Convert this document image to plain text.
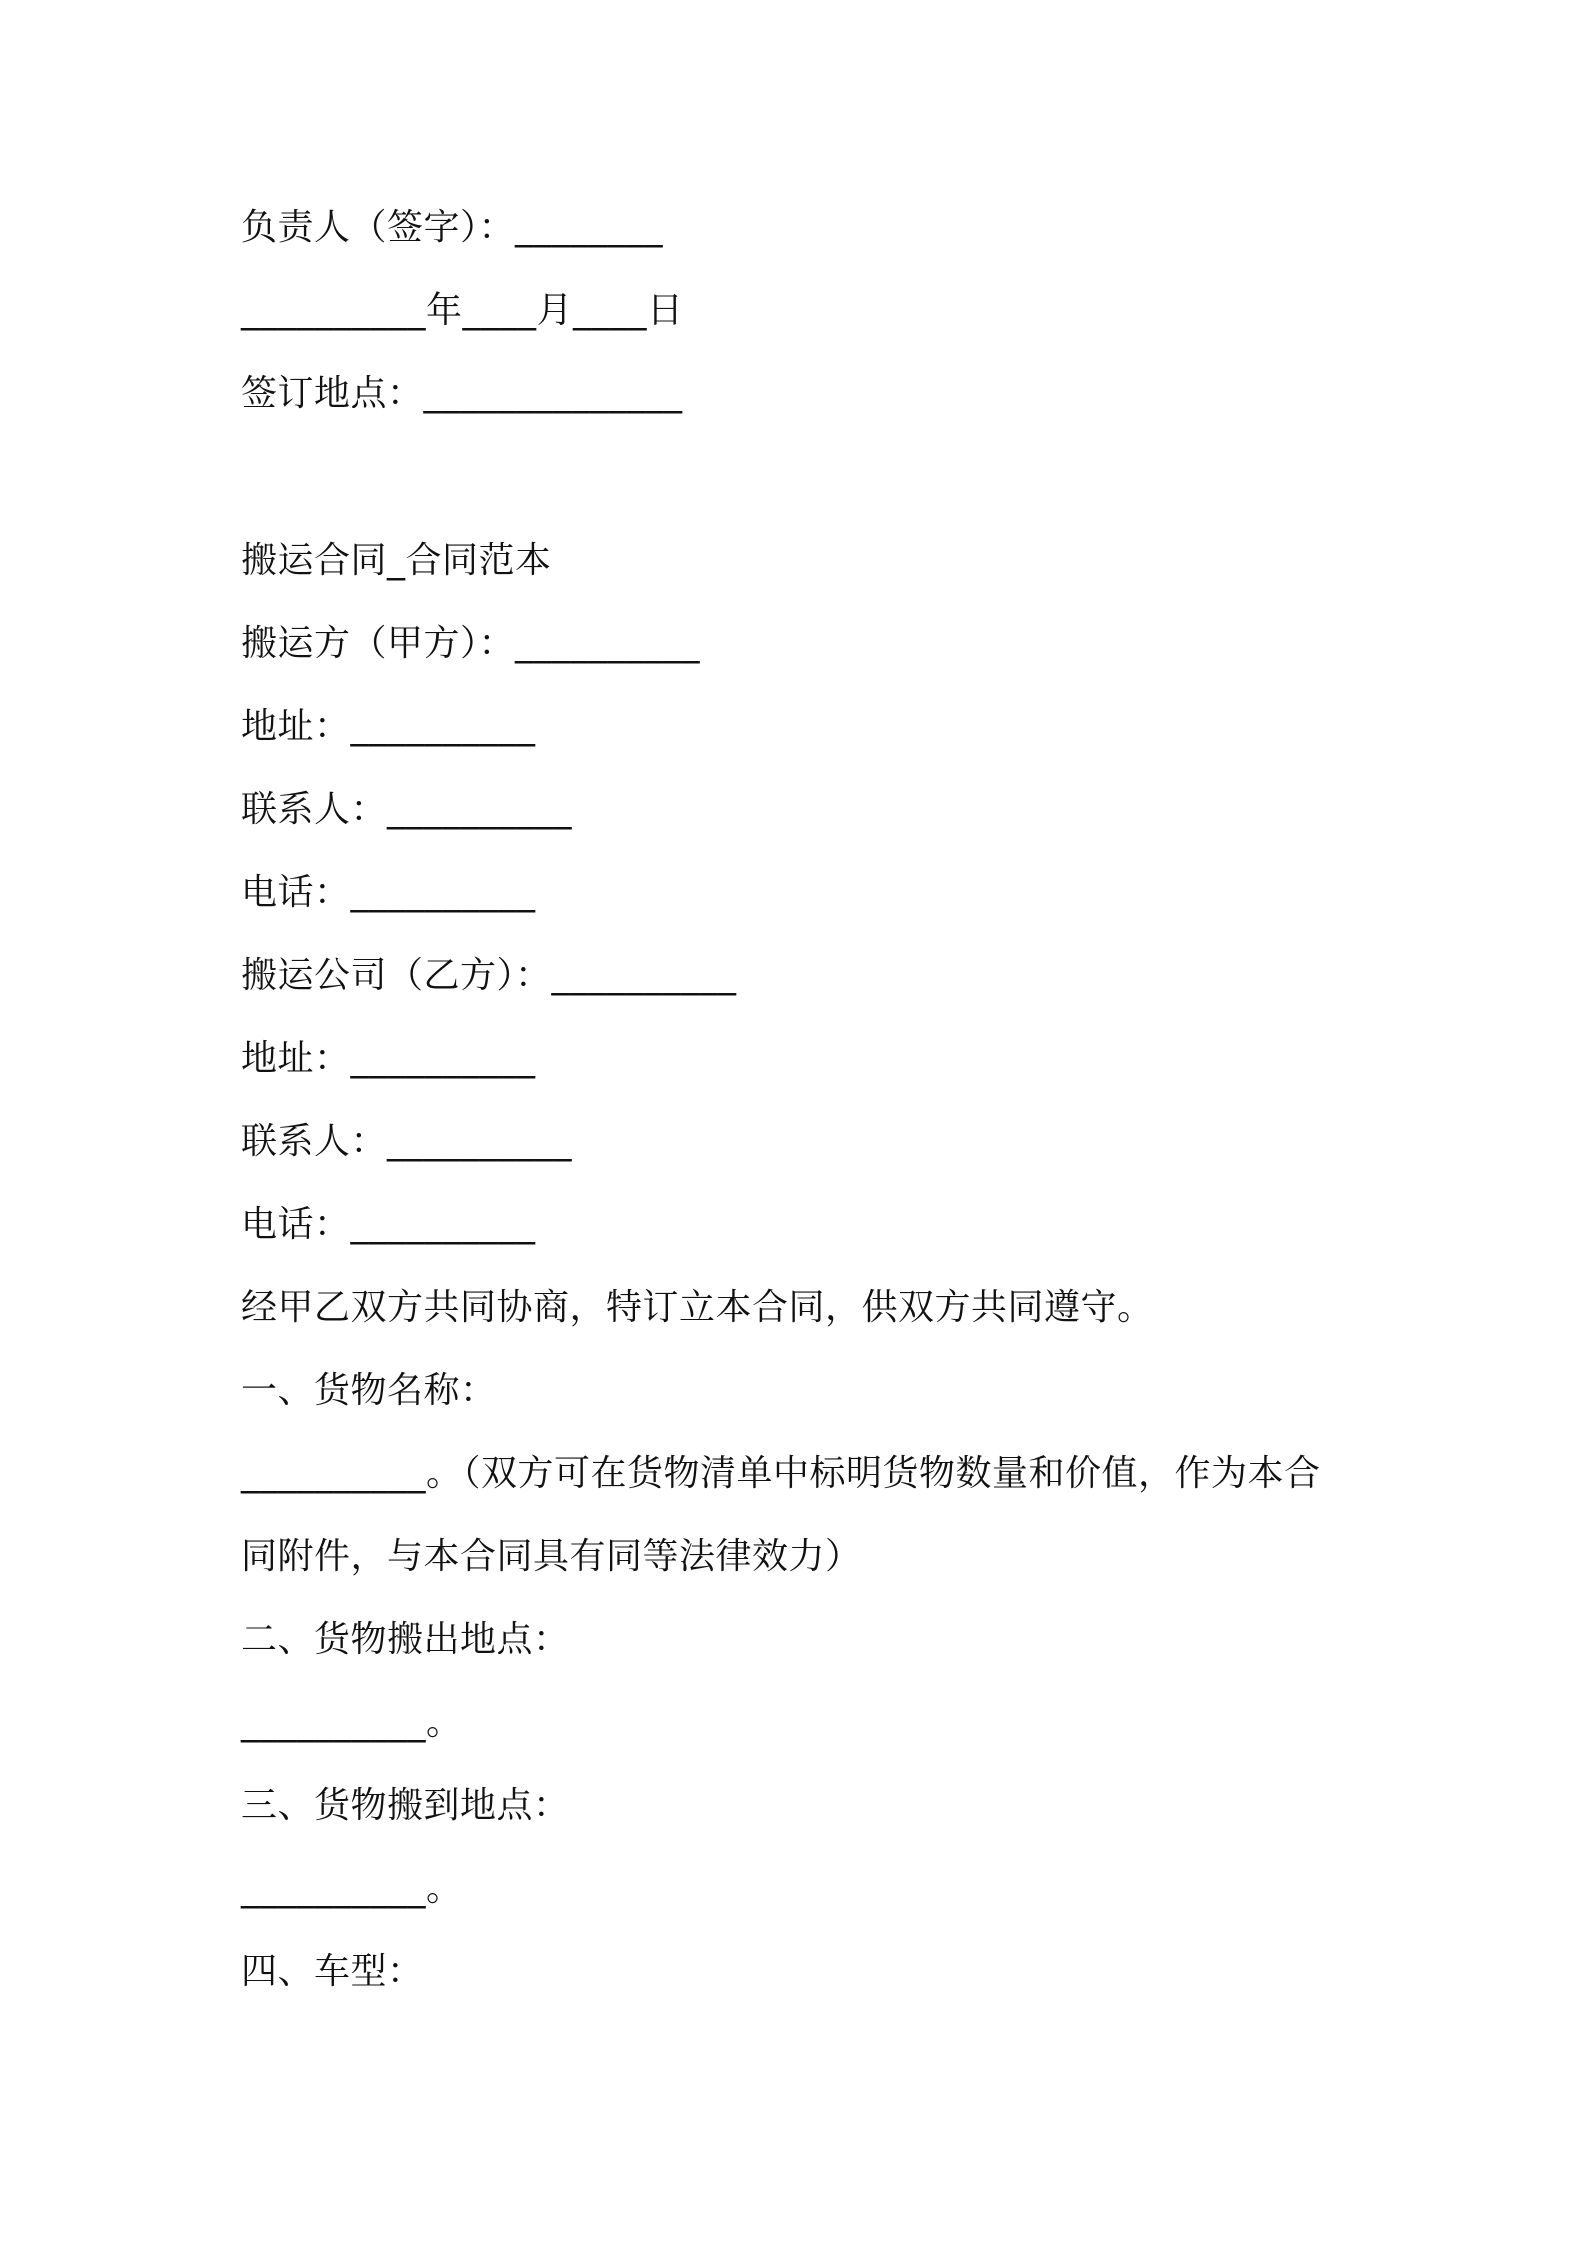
负责人（签字）：________
__________年____月____日
签订地点：______________
搬运合同_合同范本
搬运方（甲方）：__________
地址：__________
联系人：__________
电话：__________
搬运公司（乙方）：__________
地址：__________
联系人：__________
电话：__________
经甲乙双方共同协商，特订立本合同，供双方共同遵守。
一、货物名称：
__________。（双方可在货物清单中标明货物数量和价值，作为本合
同附件，与本合同具有同等法律效力）
二、货物搬出地点：
__________。
三、货物搬到地点：
__________。
四、车型：
